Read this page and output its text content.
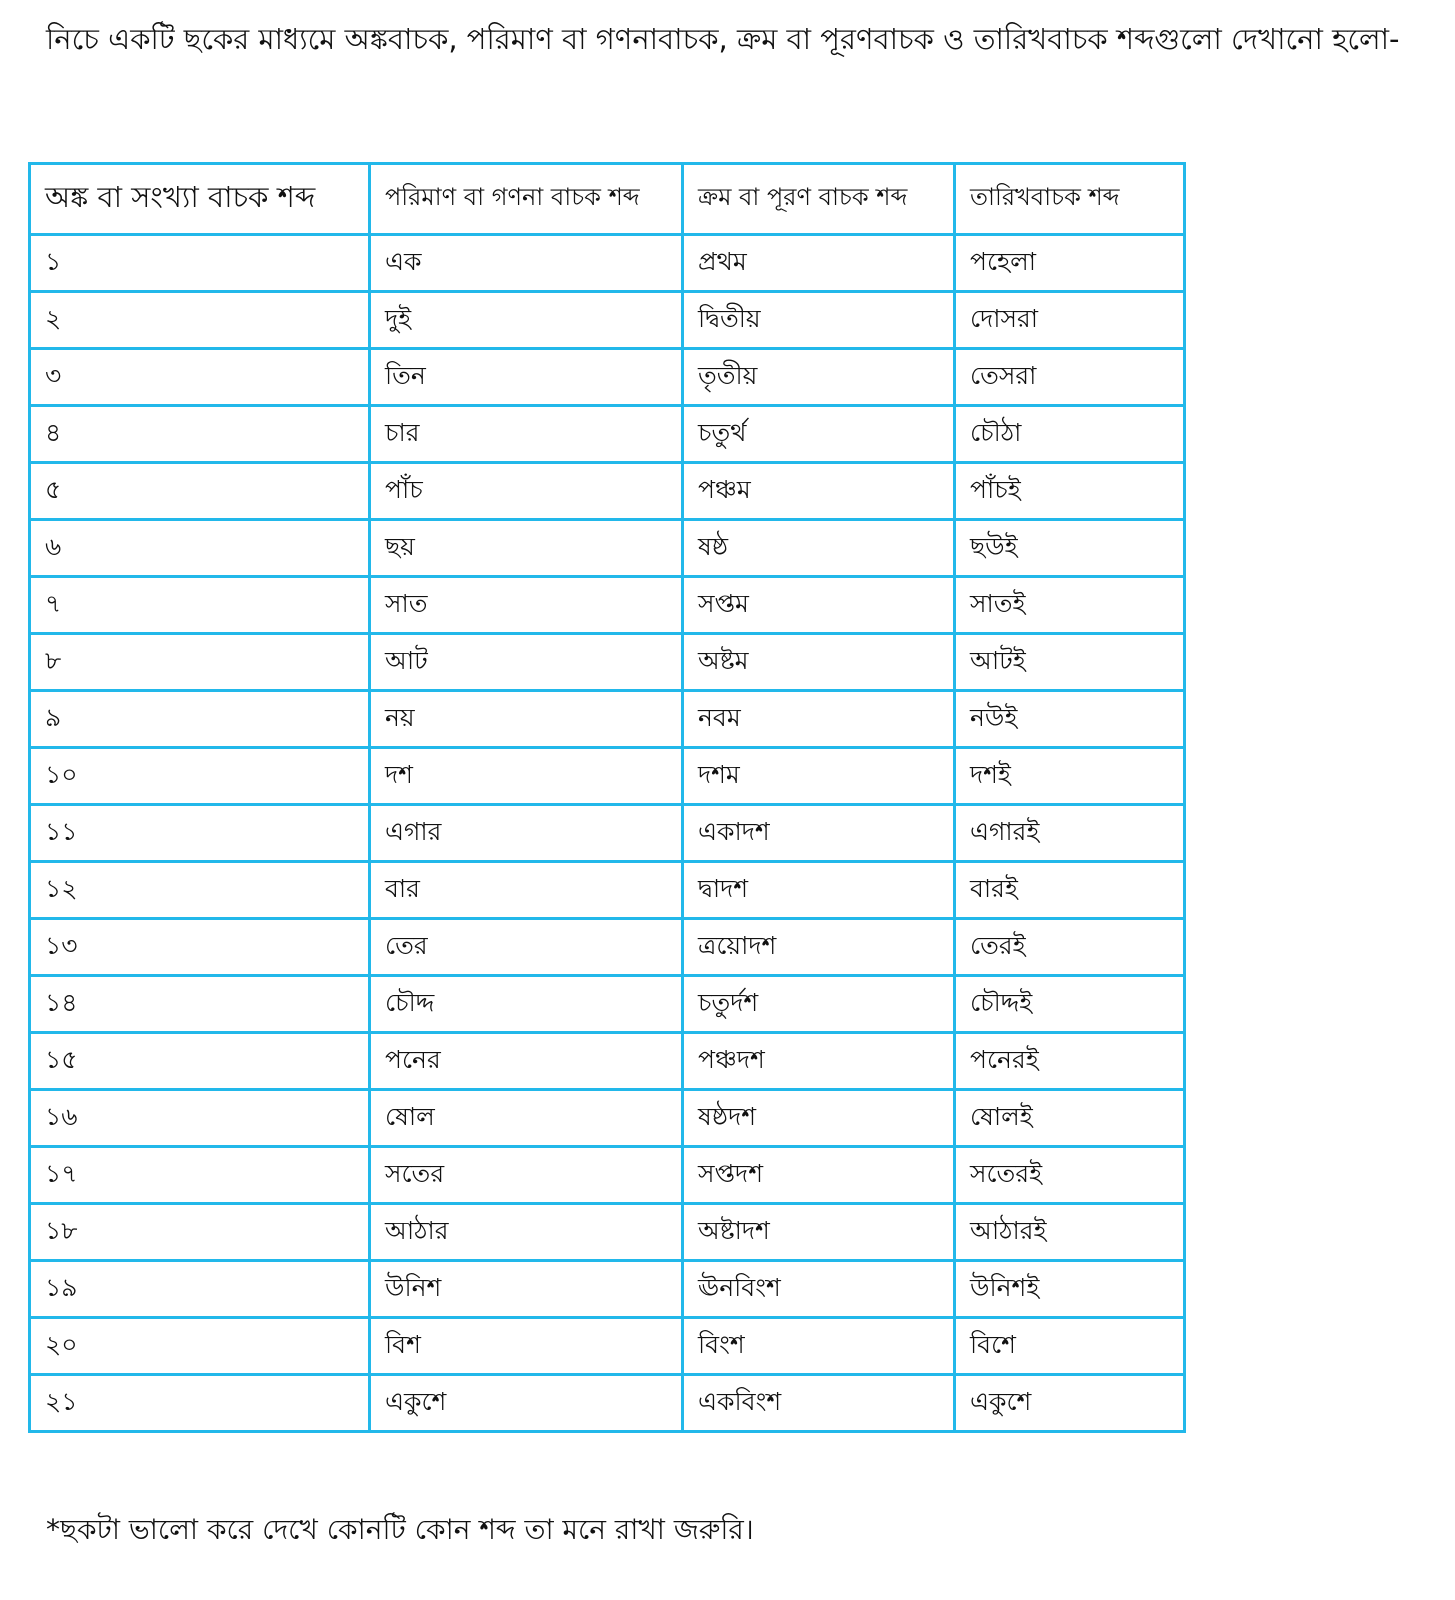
নিচে একটি ছকের মাধ্যমে অঙ্কবাচক, পরিমাণ বা গণনাবাচক, ক্রম বা পূরণবাচক ও তারিখবাচক শব্দগুলো দেখানো হলো-

অঙ্ক বা সংখ্যা বাচক শব্দ	পরিমাণ বা গণনা বাচক শব্দ	ক্রম বা পূরণ বাচক শব্দ	তারিখবাচক শব্দ
১	এক	প্রথম	পহেলা
২	দুই	দ্বিতীয়	দোসরা
৩	তিন	তৃতীয়	তেসরা
৪	চার	চতুর্থ	চৌঠা
৫	পাঁচ	পঞ্চম	পাঁচই
৬	ছয়	ষষ্ঠ	ছউই
৭	সাত	সপ্তম	সাতই
৮	আট	অষ্টম	আটই
৯	নয়	নবম	নউই
১০	দশ	দশম	দশই
১১	এগার	একাদশ	এগারই
১২	বার	দ্বাদশ	বারই
১৩	তের	ত্রয়োদশ	তেরই
১৪	চৌদ্দ	চতুর্দশ	চৌদ্দই
১৫	পনের	পঞ্চদশ	পনেরই
১৬	ষোল	ষষ্ঠদশ	ষোলই
১৭	সতের	সপ্তদশ	সতেরই
১৮	আঠার	অষ্টাদশ	আঠারই
১৯	উনিশ	ঊনবিংশ	উনিশই
২০	বিশ	বিংশ	বিশে
২১	একুশে	একবিংশ	একুশে

*ছকটা ভালো করে দেখে কোনটি কোন শব্দ তা মনে রাখা জরুরি।
